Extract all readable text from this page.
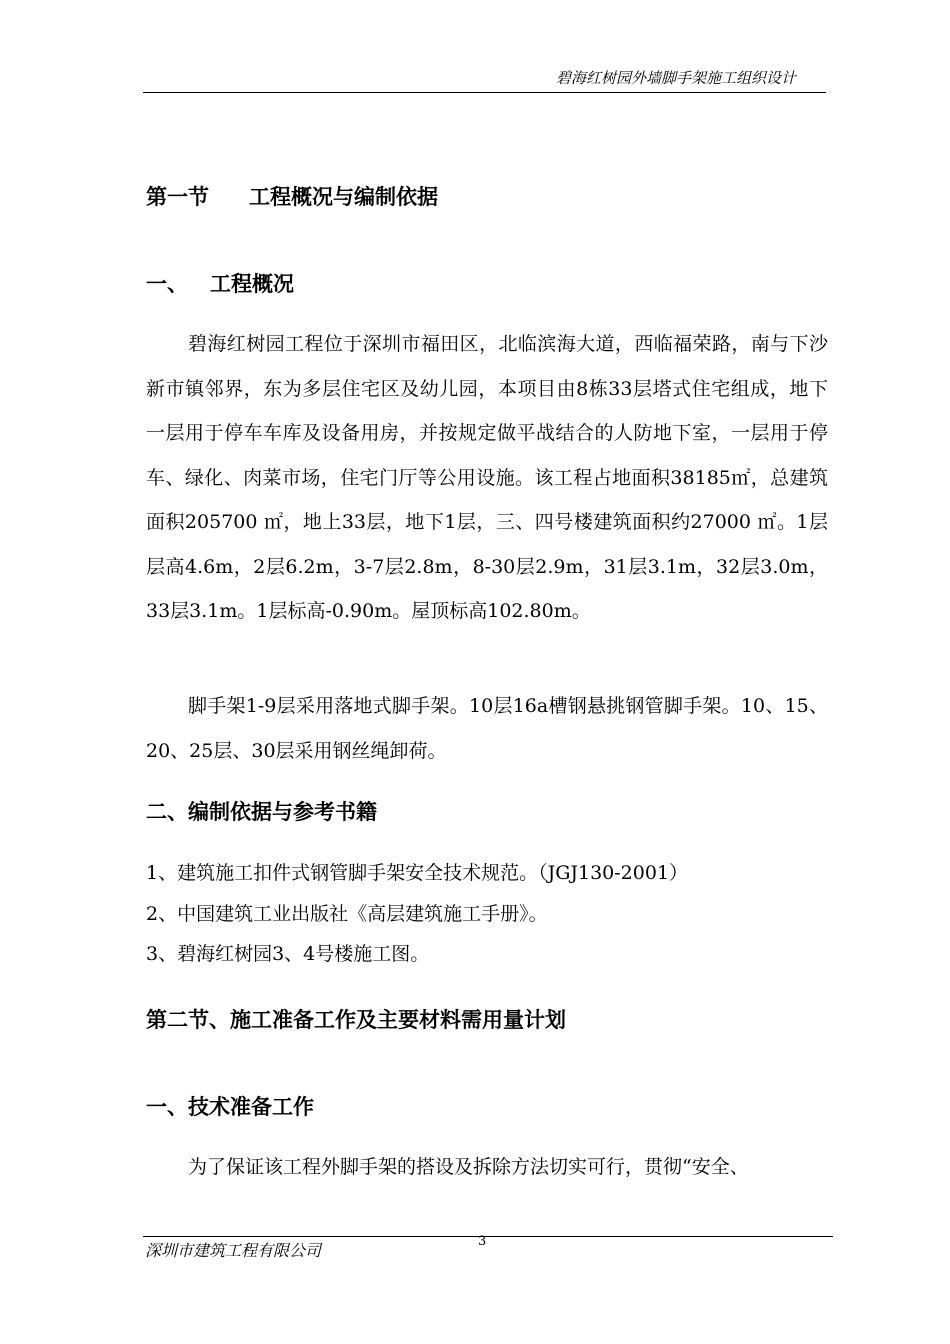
碧海红树园外墙脚手架施工组织设计
第一节 工程概况与编制依据
一、 工程概况

碧海红树园工程位于深圳市福田区，北临滨海大道，西临福荣路，南与下沙新市镇邻界，东为多层住宅区及幼儿园，本项目由8栋33层塔式住宅组成，地下一层用于停车车库及设备用房，并按规定做平战结合的人防地下室，一层用于停车、绿化、肉菜市场，住宅门厅等公用设施。该工程占地面积38185㎡，总建筑面积205700 ㎡，地上33层，地下1层，三、四号楼建筑面积约27000 ㎡。1层层高4.6m，2层6.2m，3-7层2.8m，8-30层2.9m，31层3.1m，32层3.0m，33层3.1m。1层标高-0.90m。屋顶标高102.80m。

脚手架1-9层采用落地式脚手架。10层16a槽钢悬挑钢管脚手架。10、15、20、25层、30层采用钢丝绳卸荷。

二、编制依据与参考书籍
1、建筑施工扣件式钢管脚手架安全技术规范。（JGJ130-2001）
2、中国建筑工业出版社《高层建筑施工手册》。
3、碧海红树园3、4号楼施工图。
第二节、施工准备工作及主要材料需用量计划
一、技术准备工作

为了保证该工程外脚手架的搭设及拆除方法切实可行，贯彻“安全、

深圳市建筑工程有限公司	3
